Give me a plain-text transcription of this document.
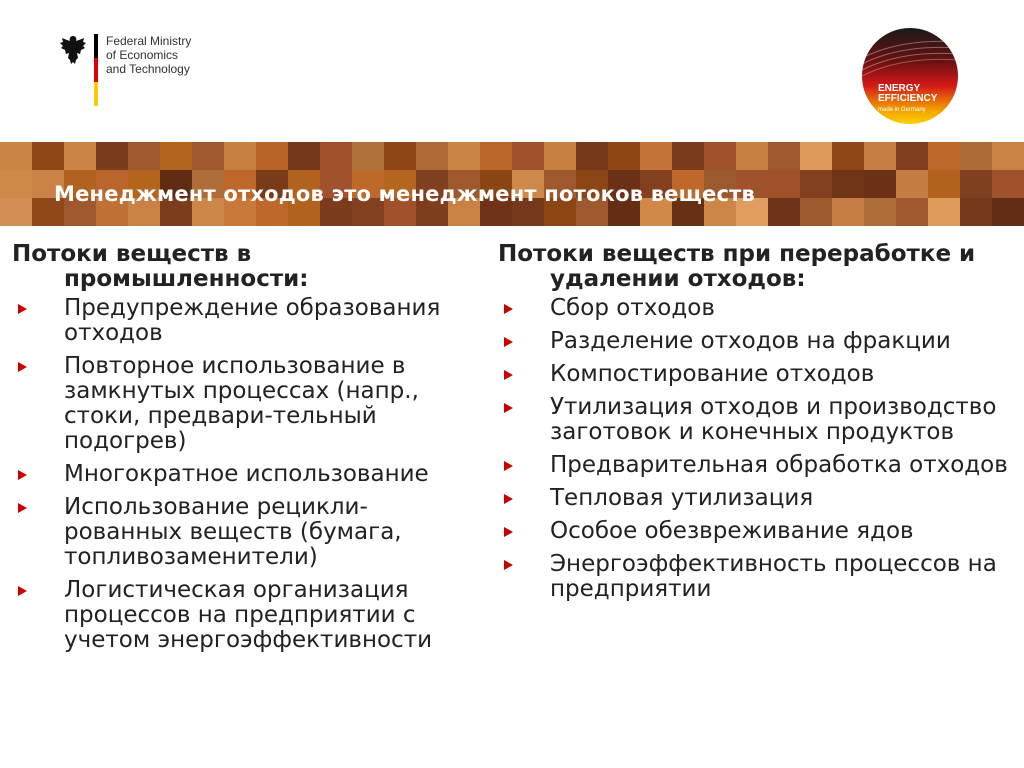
Federal Ministry
of Economics
and Technology
ENERGY
EFFICIENCY
made in Germany
Менеджмент отходов это менеджмент потоков веществ
Потоки веществ в промышленности:
Предупреждение образования отходов
Повторное использование в замкнутых процессах (напр., стоки, предвари-тельный подогрев)
Многократное использование
Использование рецикли-рованных веществ (бумага, топливозаменители)
Логистическая организация процессов на предприятии с учетом энергоэффективности
Потоки веществ при переработке и удалении отходов:
Сбор отходов
Разделение отходов на фракции
Компостирование отходов
Утилизация отходов и производство заготовок и конечных продуктов
Предварительная обработка отходов
Тепловая утилизация
Особое обезвреживание ядов
Энергоэффективность процессов на предприятии
